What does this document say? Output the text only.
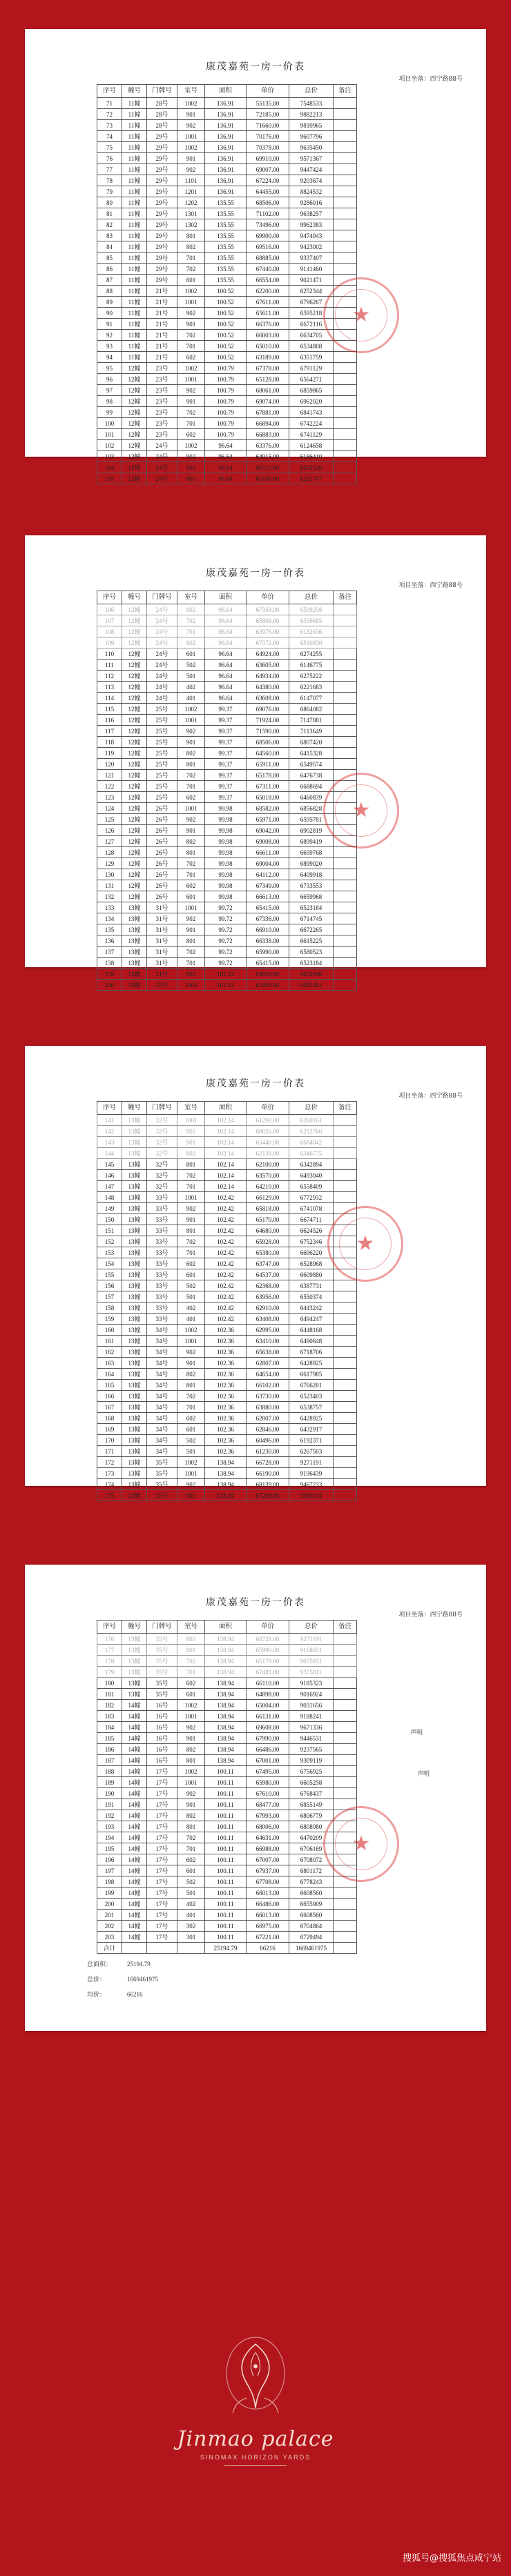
康茂嘉苑一房一价表
项目坐落：西宁路88号
序号	幢号	门牌号	室号	面积	单价	总价	备注
71	11幢	28号	1002	136.91	55135.00	7548533	
72	11幢	28号	901	136.91	72185.00	9882213	
73	11幢	28号	902	136.91	71660.00	9810965	
74	11幢	29号	1001	136.91	70176.00	9607796	
75	11幢	29号	1002	136.91	70378.00	9635450	
76	11幢	29号	901	136.91	69910.00	9571367	
77	11幢	29号	902	136.91	69007.00	9447424	
78	11幢	29号	1101	136.91	67224.00	9203674	
79	11幢	29号	1201	136.91	64455.00	8824532	
80	11幢	29号	1202	135.55	68506.00	9286016	
81	11幢	29号	1301	135.55	71102.00	9638257	
82	11幢	29号	1302	135.55	73496.00	9962383	
83	11幢	29号	801	135.55	69900.00	9474943	
84	11幢	29号	802	135.55	69516.00	9423002	
85	11幢	29号	701	135.55	68885.00	9337407	
86	11幢	29号	702	135.55	67440.00	9141460	
87	11幢	29号	601	135.55	66554.00	9021471	
88	11幢	21号	1002	100.52	62200.00	6252344	
89	11幢	21号	1001	100.52	67611.00	6796267	
90	11幢	21号	902	100.52	65611.00	6595218	
91	11幢	21号	901	100.52	66376.00	6672116	
92	11幢	21号	702	100.52	66003.00	6634705	
93	11幢	21号	701	100.52	65010.00	6534808	
94	11幢	21号	602	100.52	63189.00	6351759	
95	12幢	23号	1002	100.79	67378.00	6791129	
96	12幢	23号	1001	100.79	65128.00	6564271	
97	12幢	23号	902	100.79	68061.00	6859865	
98	12幢	23号	901	100.79	69074.00	6962020	
99	12幢	23号	702	100.79	67881.00	6841743	
100	12幢	23号	701	100.79	66894.00	6742224	
101	12幢	23号	602	100.79	66883.00	6741129	
102	12幢	24号	1002	96.64	63376.00	6124658	
103	12幢	24号	902	96.64	64015.00	6186410	
104	12幢	24号	901	96.64	65113.00	6292520	
105	12幢	24号	801	96.64	65105.00	6291747	
★
康茂嘉苑一房一价表
项目坐落：西宁路88号
序号	幢号	门牌号	室号	面积	单价	总价	备注
106	12幢	24号	802	96.64	67358.00	6509258	
107	12幢	24号	702	96.64	65808.00	6359685	
108	12幢	24号	701	96.64	63976.00	6182636	
109	12幢	24号	602	96.64	67372.00	6510830	
110	12幢	24号	601	96.64	64924.00	6274255	
111	12幢	24号	502	96.64	63605.00	6146775	
112	12幢	24号	501	96.64	64934.00	6275222	
113	12幢	24号	402	96.64	64380.00	6221683	
114	12幢	24号	401	96.64	63608.00	6147077	
115	12幢	25号	1002	99.37	69076.00	6864082	
116	12幢	25号	1001	99.37	71924.00	7147081	
117	12幢	25号	902	99.37	71590.00	7113649	
118	12幢	25号	901	99.37	68506.00	6807420	
119	12幢	25号	802	99.37	64560.00	6415328	
120	12幢	25号	801	99.37	65911.00	6549574	
121	12幢	25号	702	99.37	65178.00	6476738	
122	12幢	25号	701	99.37	67311.00	6688694	
123	12幢	25号	602	99.37	65018.00	6460839	
124	12幢	26号	1001	99.98	68582.00	6856828	
125	12幢	26号	902	99.98	65971.00	6595781	
126	12幢	26号	901	99.98	69042.00	6902819	
127	12幢	26号	802	99.98	69008.00	6899419	
128	12幢	26号	801	99.98	66611.00	6659768	
129	12幢	26号	702	99.98	69004.00	6899020	
130	12幢	26号	701	99.98	64112.00	6409918	
131	12幢	26号	602	99.98	67349.00	6733553	
132	12幢	26号	601	99.98	66613.00	6659968	
133	13幢	31号	1001	99.72	65415.00	6523184	
134	13幢	31号	902	99.72	67336.00	6714745	
135	13幢	31号	901	99.72	66910.00	6672265	
136	13幢	31号	801	99.72	66338.00	6615225	
137	13幢	31号	702	99.72	65990.00	6580523	
138	13幢	31号	701	99.72	65415.00	6523184	
139	13幢	31号	602	102.14	64956.00	6634606	
140	13幢	32号	1002	102.14	63496.00	6485481	
★
康茂嘉苑一房一价表
项目坐落：西宁路88号
序号	幢号	门牌号	室号	面积	单价	总价	备注
141	13幢	32号	1001	102.14	61290.00	6260161	
142	13幢	32号	902	102.14	60826.00	6212766	
143	13幢	32号	901	102.14	65440.00	6684042	
144	13幢	32号	802	102.14	62138.00	6346775	
145	13幢	32号	801	102.14	62100.00	6342894	
146	13幢	32号	702	102.14	63570.00	6493040	
147	13幢	32号	701	102.14	64210.00	6558409	
148	13幢	33号	1001	102.42	66129.00	6772932	
149	13幢	33号	902	102.42	65818.00	6741078	
150	13幢	33号	901	102.42	65170.00	6674711	
151	13幢	33号	801	102.42	64680.00	6624526	
152	13幢	33号	702	102.42	65928.00	6752346	
153	13幢	33号	701	102.42	65380.00	6696220	
154	13幢	33号	602	102.42	63747.00	6528968	
155	13幢	33号	601	102.42	64537.00	6609880	
156	13幢	33号	502	102.42	62368.00	6387731	
157	13幢	33号	501	102.42	63956.00	6550374	
158	13幢	33号	402	102.42	62910.00	6443242	
159	13幢	33号	401	102.42	63408.00	6494247	
160	13幢	34号	1002	102.36	62995.00	6448168	
161	13幢	34号	1001	102.36	63410.00	6490648	
162	13幢	34号	902	102.36	65638.00	6718706	
163	13幢	34号	901	102.36	62807.00	6428925	
164	13幢	34号	802	102.36	64654.00	6617985	
165	13幢	34号	801	102.36	66102.00	6766201	
166	13幢	34号	702	102.36	63730.00	6523403	
167	13幢	34号	701	102.36	63880.00	6538757	
168	13幢	34号	602	102.36	62807.00	6428925	
169	13幢	34号	601	102.36	62846.00	6432917	
170	13幢	34号	502	102.36	60496.00	6192371	
171	13幢	34号	501	102.36	61230.00	6267503	
172	13幢	35号	1002	138.94	66728.00	9271191	
173	13幢	35号	1001	138.94	66190.00	9196439	
174	13幢	35号	902	138.94	68139.00	9467233	
175	13幢	35号	901	138.94	67289.00	9349134	
★
康茂嘉苑一房一价表
项目坐落：西宁路88号
序号	幢号	门牌号	室号	面积	单价	总价	备注
176	13幢	35号	802	138.94	66728.00	9271191	
177	13幢	35号	801	138.94	65990.00	9168651	
178	13幢	35号	702	138.94	65178.00	9055831	
179	13幢	35号	701	138.94	67481.00	9375811	
180	13幢	35号	602	138.94	66110.00	9185323	
181	13幢	35号	601	138.94	64898.00	9016924	
182	14幢	16号	1002	138.94	65004.00	9031656	
183	14幢	16号	1001	138.94	66131.00	9188241	
184	14幢	16号	902	138.94	69608.00	9671336	
185	14幢	16号	901	138.94	67990.00	9446531	
186	14幢	16号	802	138.94	66486.00	9237565	
187	14幢	16号	801	138.94	67001.00	9309119	
188	14幢	17号	1002	100.11	67495.00	6756925	
189	14幢	17号	1001	100.11	65980.00	6605258	
190	14幢	17号	902	100.11	67610.00	6768437	
191	14幢	17号	901	100.11	68477.00	6855149	
192	14幢	17号	802	100.11	67993.00	6806779	
193	14幢	17号	801	100.11	68006.00	6808080	
194	14幢	17号	702	100.11	64631.00	6470209	
195	14幢	17号	701	100.11	66988.00	6706169	
196	14幢	17号	602	100.11	67007.00	6708072	
197	14幢	17号	601	100.11	67937.00	6801172	
198	14幢	17号	502	100.11	67708.00	6778243	
199	14幢	17号	501	100.11	66013.00	6608560	
200	14幢	17号	402	100.11	66486.00	6655909	
201	14幢	17号	401	100.11	66013.00	6608560	
202	14幢	17号	302	100.11	66975.00	6704864	
203	14幢	17号	301	100.11	67221.00	6729494	
合计				25194.79	66216	1669461975	
★
声明
声明
总面积： 25194.79
总价：	1669461975
均价：	66216
Jinmao palace
SINOMAX HORIZON YARDS
搜狐号@搜狐焦点咸宁站
